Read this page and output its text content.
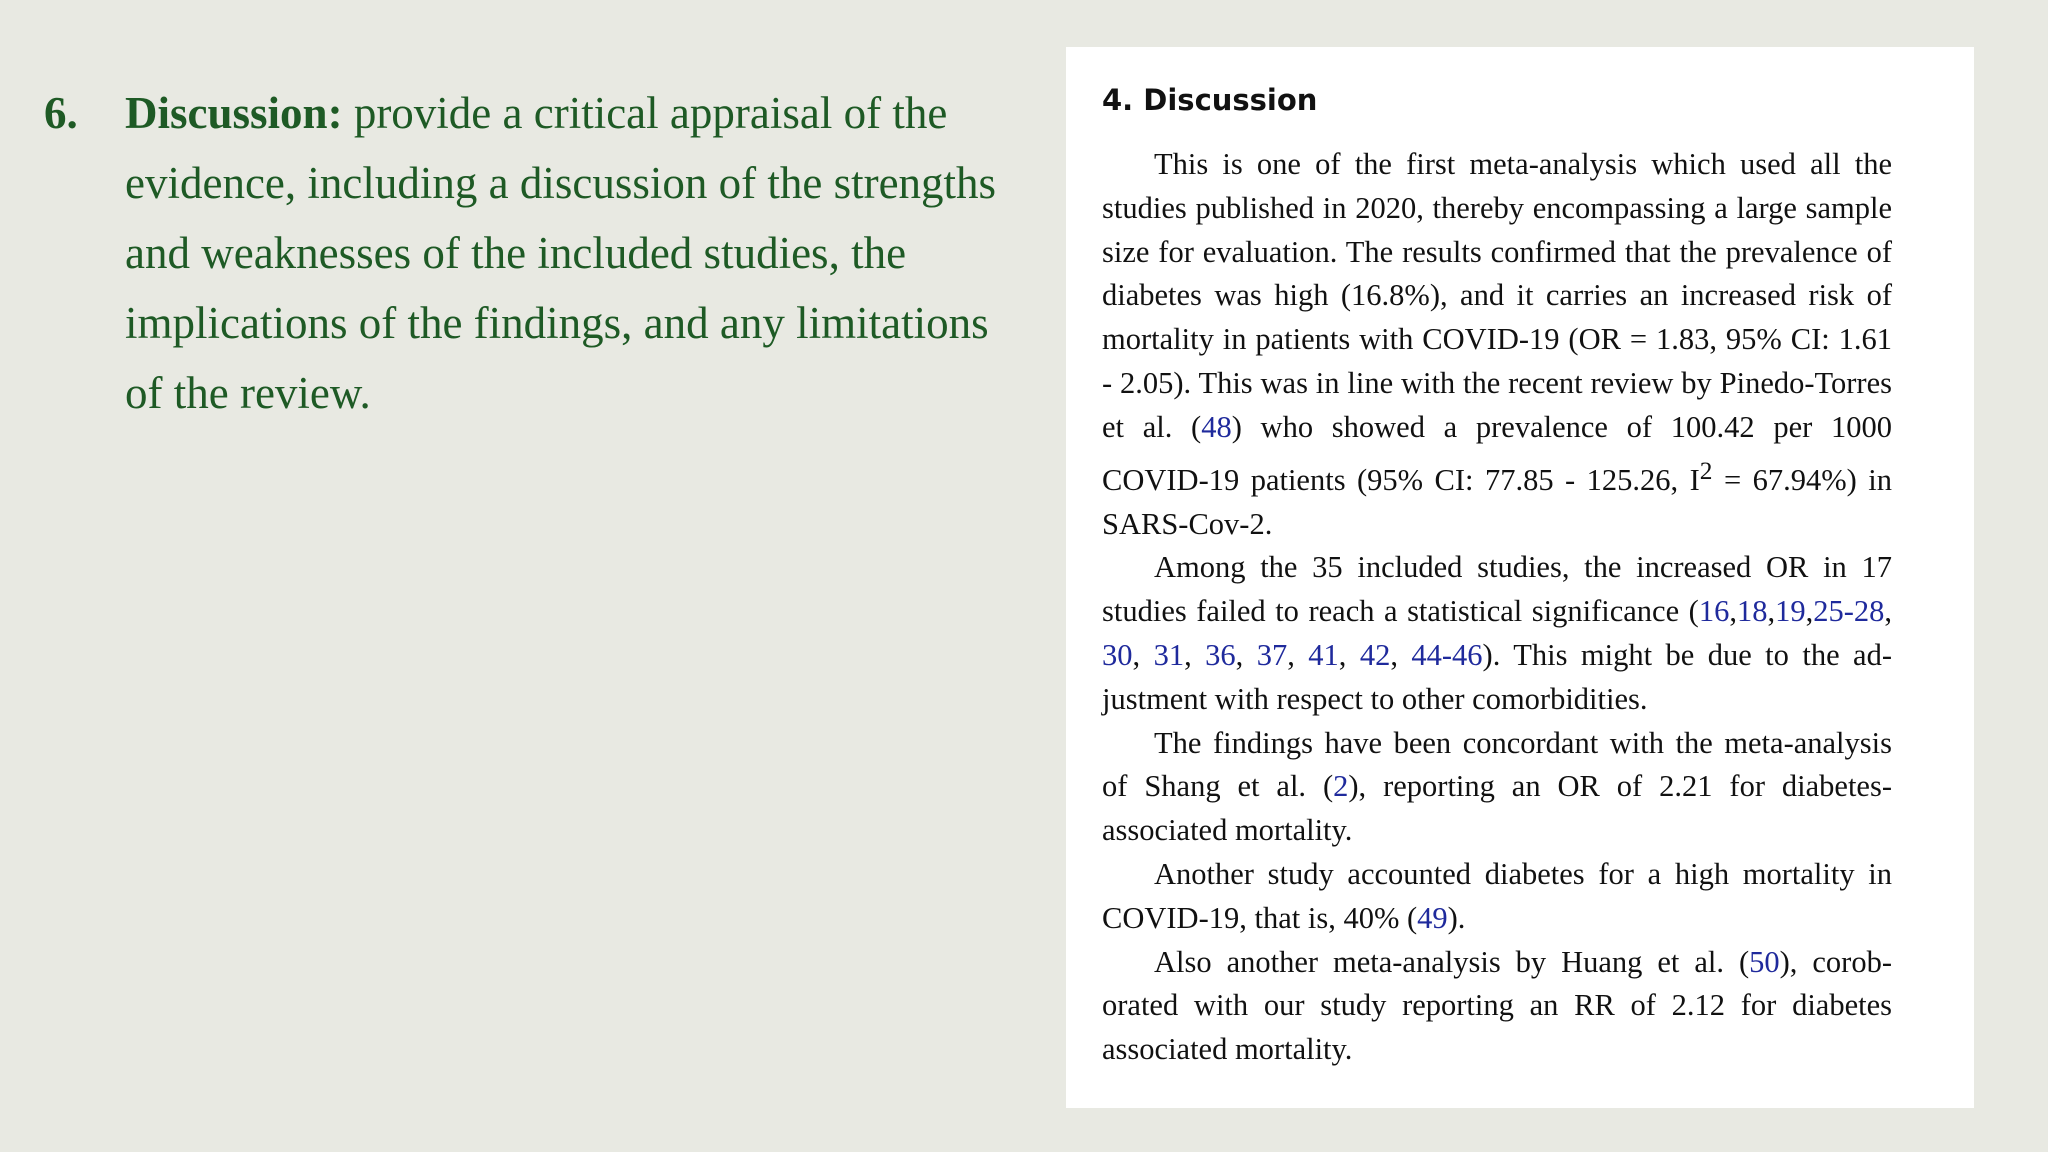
6.	Discussion: provide a critical appraisal of the evidence, including a discussion of the strengths and weaknesses of the included studies, the implications of the findings, and any limitations of the review.
4. Discussion

This is one of the first meta-analysis which used all the studies published in 2020, thereby encompassing a large sample size for evaluation. The results confirmed that the prevalence of diabetes was high (16.8%), and it carries an increased risk of mortality in patients with COVID-19 (OR = 1.83, 95% CI: 1.61 - 2.05). This was in line with the recent review by Pinedo-Torres et al. (48) who showed a prevalence of 100.42 per 1000 COVID-19 patients (95% CI: 77.85 - 125.26, $I^2 = 67.94\%$) in SARS-Cov-2.

Among the 35 included studies, the increased OR in 17 studies failed to reach a statistical significance (16,18,19,25-28, 30, 31, 36, 37, 41, 42, 44-46). This might be due to the adjustment with respect to other comorbidities.

The findings have been concordant with the meta-analysis of Shang et al. (2), reporting an OR of 2.21 for diabetes-associated mortality.

Another study accounted diabetes for a high mortality in COVID-19, that is, 40% (49).

Also another meta-analysis by Huang et al. (50), coroborated with our study reporting an RR of 2.12 for diabetes associated mortality.
